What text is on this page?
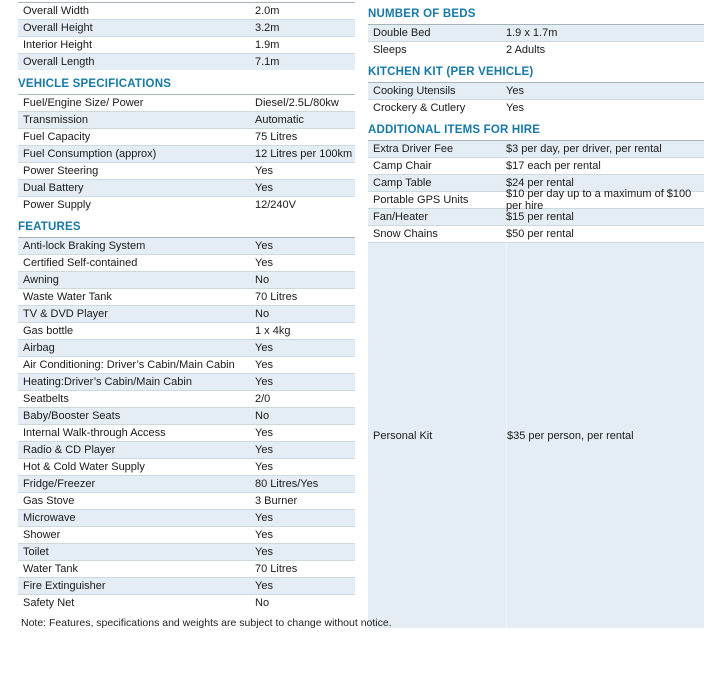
Overall Width	2.0m
Overall Height	3.2m
Interior Height	1.9m
Overall Length	7.1m
VEHICLE SPECIFICATIONS
Fuel/Engine Size/ Power	Diesel/2.5L/80kw
Transmission	Automatic
Fuel Capacity	75 Litres
Fuel Consumption (approx)	12 Litres per 100km
Power Steering	Yes
Dual Battery	Yes
Power Supply	12/240V
FEATURES
Anti-lock Braking System	Yes
Certified Self-contained	Yes
Awning	No
Waste Water Tank	70 Litres
TV & DVD Player	No
Gas bottle	1 x 4kg
Airbag	Yes
Air Conditioning: Driver’s Cabin/Main Cabin	Yes
Heating:Driver’s Cabin/Main Cabin	Yes
Seatbelts	2/0
Baby/Booster Seats	No
Internal Walk-through Access	Yes
Radio & CD Player	Yes
Hot & Cold Water Supply	Yes
Fridge/Freezer	80 Litres/Yes
Gas Stove	3 Burner
Microwave	Yes
Shower	Yes
Toilet	Yes
Water Tank	70 Litres
Fire Extinguisher	Yes
Safety Net	No
NUMBER OF BEDS
Double Bed	1.9 x 1.7m
Sleeps	2 Adults
KITCHEN KIT (PER VEHICLE)
Cooking Utensils	Yes
Crockery & Cutlery	Yes
ADDITIONAL ITEMS FOR HIRE
Extra Driver Fee	$3 per day, per driver, per rental
Camp Chair	$17 each per rental
Camp Table	$24 per rental
Portable GPS Units	$10 per day up to a maximum of $100 per hire
Fan/Heater	$15 per rental
Snow Chains	$50 per rental
Personal Kit	$35 per person, per rental
Note: Features, specifications and weights are subject to change without notice.
